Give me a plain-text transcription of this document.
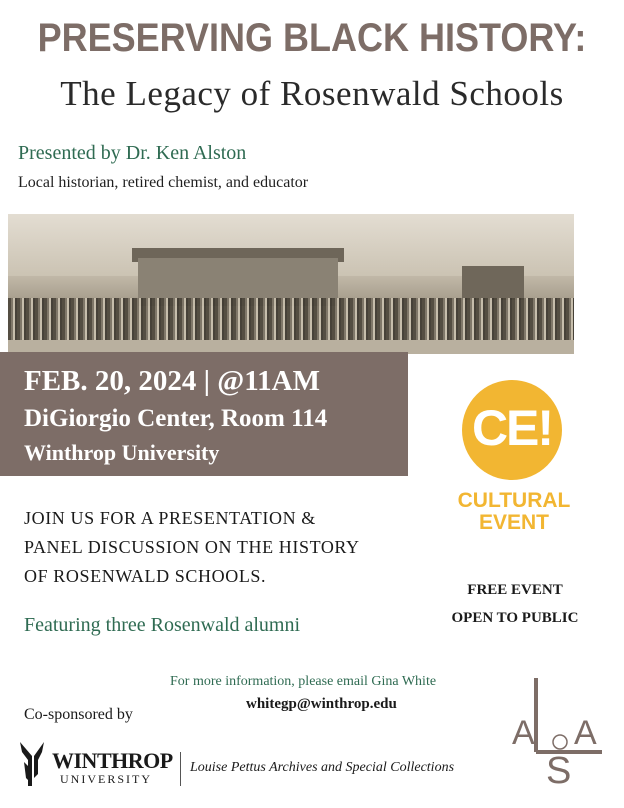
PRESERVING BLACK HISTORY:
The Legacy of Rosenwald Schools
Presented by Dr. Ken Alston
Local historian, retired chemist, and educator
FEB. 20, 2024 | @11AM
DiGiorgio Center, Room 114
Winthrop University	CE!
CULTURAL
EVENT
JOIN US FOR A PRESENTATION &
PANEL DISCUSSION ON THE HISTORY
OF ROSENWALD SCHOOLS.
Featuring three Rosenwald alumni
FREE EVENT
OPEN TO PUBLIC
For more information, please email Gina White
whitegp@winthrop.edu
Co-sponsored by
WINTHROP
UNIVERSITY
Louise Pettus Archives and Special Collections
A A
S
